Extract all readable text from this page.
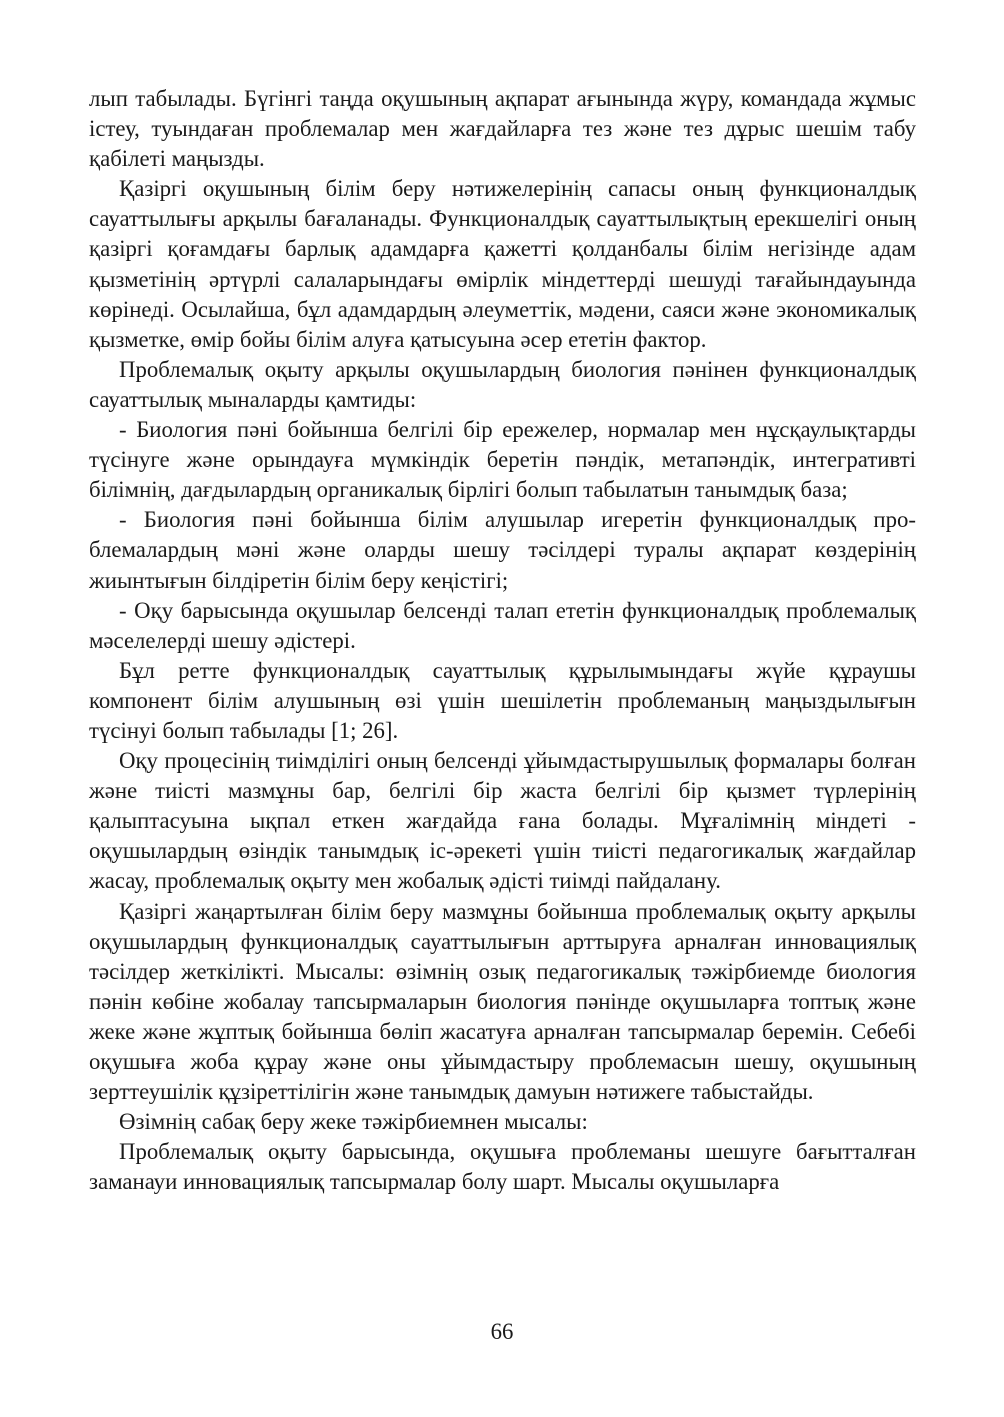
лып табылады. Бүгінгі таңда оқушының ақпарат ағынында жүру, командада жұмыс істеу, туындаған проблемалар мен жағдайларға тез және тез дұрыс шешім табу қабілеті маңызды.

Қазіргі оқушының білім беру нәтижелерінің сапасы оның функционалдық сауаттылығы арқылы бағаланады. Функционалдық сауаттылықтың ерекшелігі оның қазіргі қоғамдағы барлық адамдарға қажетті қолданбалы білім негізінде адам қызметінің әртүрлі салаларындағы өмірлік міндеттерді шешуді тағайындауында көрінеді. Осылайша, бұл адамдардың әлеуметтік, мәдени, саяси және экономикалық қызметке, өмір бойы білім алуға қатысуына әсер ететін фактор.

Проблемалық оқыту арқылы оқушылардың биология пәнінен функционалдық сауаттылық мыналарды қамтиды:

- Биология пәні бойынша белгілі бір ережелер, нормалар мен нұсқаулықтарды түсінуге және орындауға мүмкіндік беретін пәндік, метапәндік, интегративті білімнің, дағдылардың органикалық бірлігі болып табылатын танымдық база;

- Биология пәні бойынша білім алушылар игеретін функционалдық проблемалардың мәні және оларды шешу тәсілдері туралы ақпарат көздерінің жиынтығын білдіретін білім беру кеңістігі;

- Оқу барысында оқушылар белсенді талап ететін функционалдық проблемалық мәселелерді шешу әдістері.

Бұл ретте функционалдық сауаттылық құрылымындағы жүйе құраушы компонент білім алушының өзі үшін шешілетін проблеманың маңыздылығын түсінуі болып табылады [1; 26].

Оқу процесінің тиімділігі оның белсенді ұйымдастырушылық формалары болған және тиісті мазмұны бар, белгілі бір жаста белгілі бір қызмет түрлерінің қалыптасуына ықпал еткен жағдайда ғана болады. Мұғалімнің міндеті - оқушылардың өзіндік танымдық іс-әрекеті үшін тиісті педагогикалық жағдайлар жасау, проблемалық оқыту мен жобалық әдісті тиімді пайдалану.

Қазіргі жаңартылған білім беру мазмұны бойынша проблемалық оқыту арқылы оқушылардың функционалдық сауаттылығын арттыруға арналған инновациялық тәсілдер жеткілікті. Мысалы: өзімнің озық педагогикалық тәжірбиемде биология пәнін көбіне жобалау тапсырмаларын биология пәнінде оқушыларға топтық және жеке және жұптық бойынша бөліп жасатуға арналған тапсырмалар беремін. Себебі оқушыға жоба құрау және оны ұйымдастыру проблемасын шешу, оқушының зерттеушілік құзіреттілігін және танымдық дамуын нәтижеге табыстайды.

Өзімнің сабақ беру жеке тәжірбиемнен мысалы:

Проблемалық оқыту барысында, оқушыға проблеманы шешуге бағытталған заманауи инновациялық тапсырмалар болу шарт. Мысалы оқушыларға

66
